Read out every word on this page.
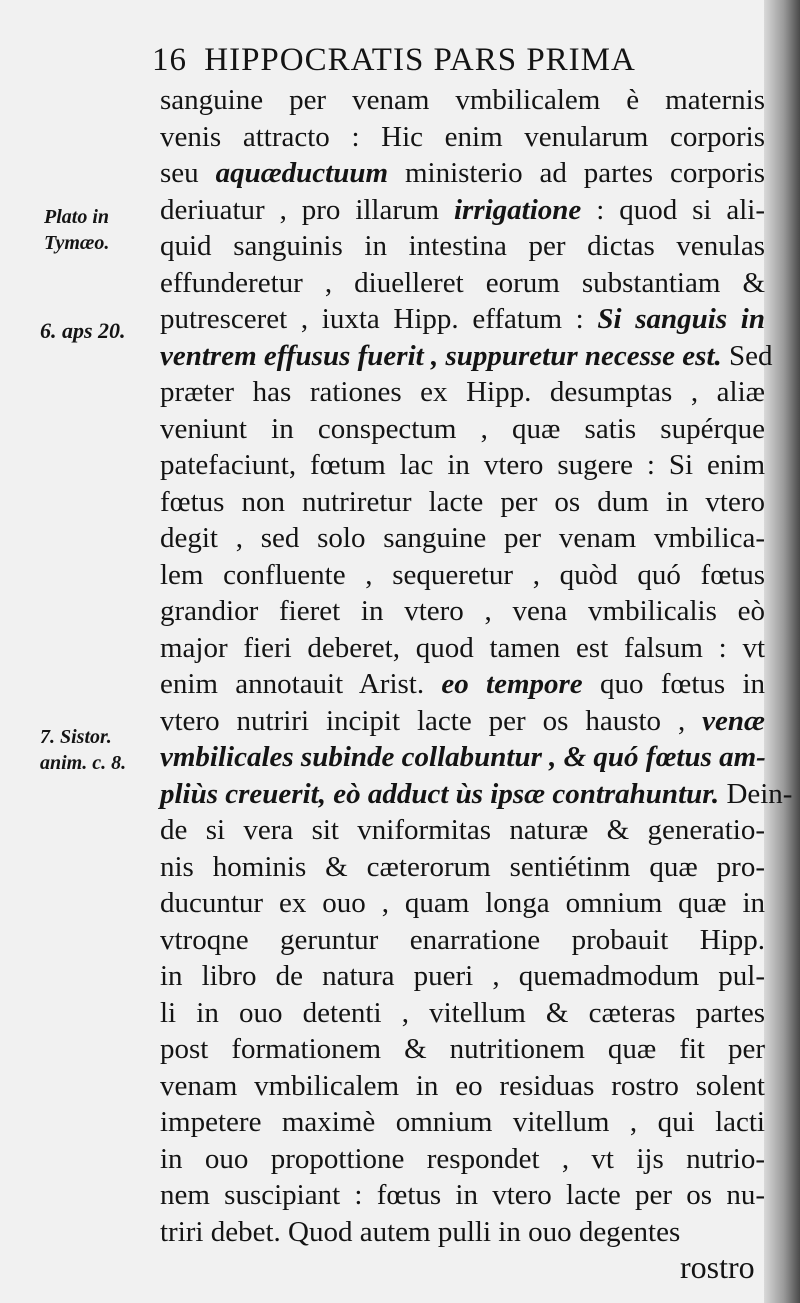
16 HIPPOCRATIS PARS PRIMA
Plato in
Tymæo.
6. aps 20.
7. Sistor.
anim. c. 8.
sanguine per venam vmbilicalem è maternis
venis attracto : Hic enim venularum corporis
seu aquæductuum ministerio ad partes corporis
deriuatur , pro illarum irrigatione : quod si ali-
quid sanguinis in intestina per dictas venulas
effunderetur , diuelleret eorum substantiam &
putresceret , iuxta Hipp. effatum : Si sanguis in
ventrem effusus fuerit , suppuretur necesse est. Sed
præter has rationes ex Hipp. desumptas , aliæ
veniunt in conspectum , quæ satis supérque
patefaciunt, fœtum lac in vtero sugere : Si enim
fœtus non nutriretur lacte per os dum in vtero
degit , sed solo sanguine per venam vmbilica-
lem confluente , sequeretur , quòd quó fœtus
grandior fieret in vtero , vena vmbilicalis eò
major fieri deberet, quod tamen est falsum : vt
enim annotauit Arist. eo tempore quo fœtus in
vtero nutriri incipit lacte per os hausto , venæ
vmbilicales subinde collabuntur , & quó fœtus am-
pliùs creuerit, eò adduct ùs ipsæ contrahuntur. Dein-
de si vera sit vniformitas naturæ & generatio-
nis hominis & cæterorum sentiétinm quæ pro-
ducuntur ex ouo , quam longa omnium quæ in
vtroqne geruntur enarratione probauit Hipp.
in libro de natura pueri , quemadmodum pul-
li in ouo detenti , vitellum & cæteras partes
post formationem & nutritionem quæ fit per
venam vmbilicalem in eo residuas rostro solent
impetere maximè omnium vitellum , qui lacti
in ouo propottione respondet , vt ijs nutrio-
nem suscipiant : fœtus in vtero lacte per os nu-
triri debet. Quod autem pulli in ouo degentes
rostro
